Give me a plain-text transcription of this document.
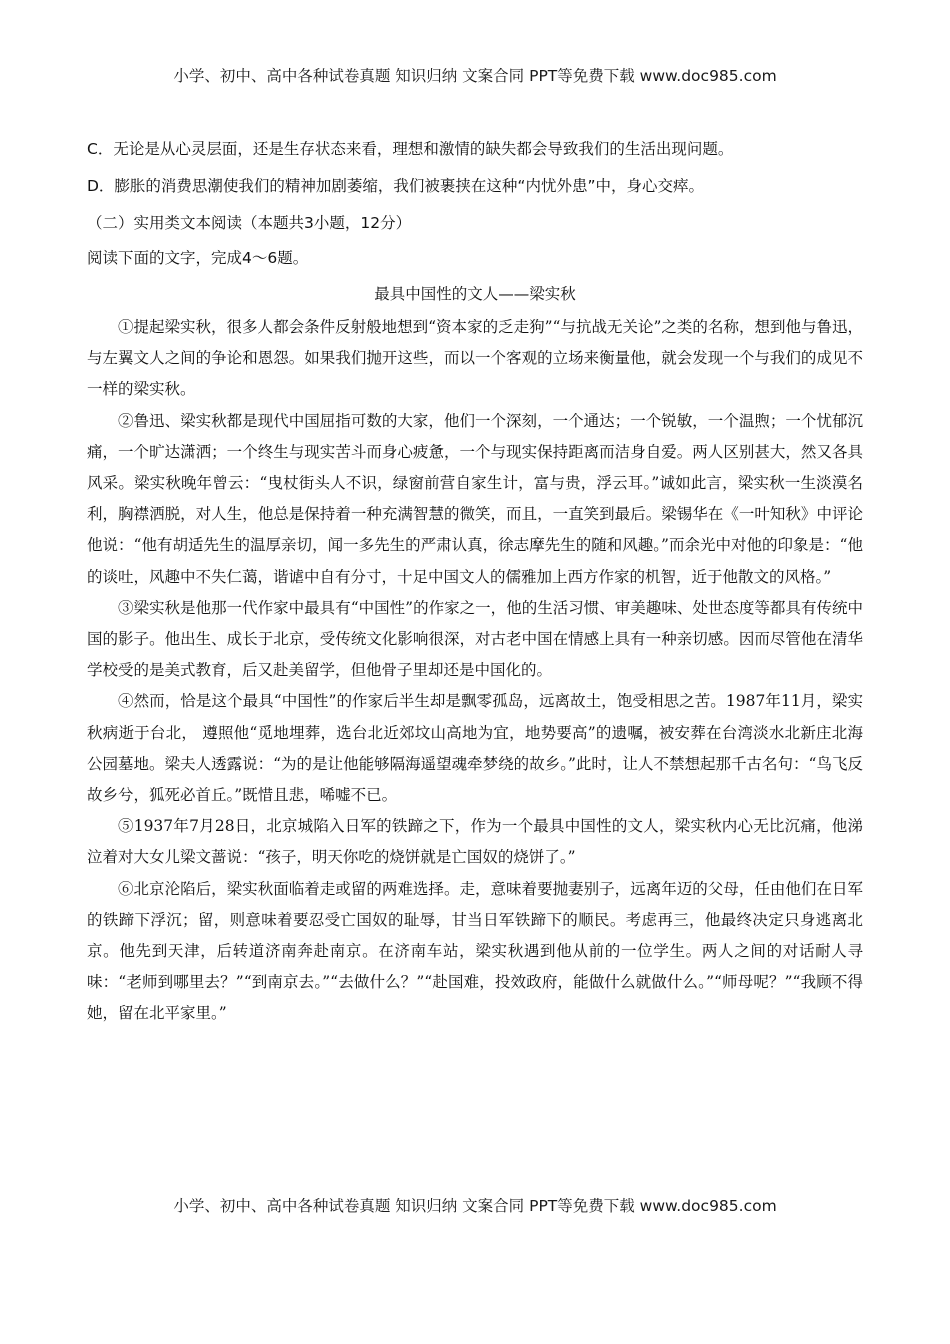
小学、初中、高中各种试卷真题 知识归纳 文案合同 PPT等免费下载 www.doc985.com
C．无论是从心灵层面，还是生存状态来看，理想和激情的缺失都会导致我们的生活出现问题。
D．膨胀的消费思潮使我们的精神加剧萎缩，我们被裹挟在这种“内忧外患”中，身心交瘁。
（二）实用类文本阅读（本题共3小题，12分）
阅读下面的文字，完成4～6题。
最具中国性的文人——梁实秋

①提起梁实秋，很多人都会条件反射般地想到“资本家的乏走狗”“与抗战无关论”之类的名称，想到他与鲁迅，与左翼文人之间的争论和恩怨。如果我们抛开这些，而以一个客观的立场来衡量他，就会发现一个与我们的成见不一样的梁实秋。

②鲁迅、梁实秋都是现代中国屈指可数的大家，他们一个深刻，一个通达；一个锐敏，一个温煦；一个忧郁沉痛，一个旷达潇洒；一个终生与现实苦斗而身心疲惫，一个与现实保持距离而洁身自爱。两人区别甚大，然又各具风采。梁实秋晚年曾云：“曳杖街头人不识，绿窗前营自家生计，富与贵，浮云耳。”诚如此言，梁实秋一生淡漠名利，胸襟洒脱，对人生，他总是保持着一种充满智慧的微笑，而且，一直笑到最后。梁锡华在《一叶知秋》中评论他说：“他有胡适先生的温厚亲切，闻一多先生的严肃认真，徐志摩先生的随和风趣。”而余光中对他的印象是：“他的谈吐，风趣中不失仁蔼，谐谑中自有分寸，十足中国文人的儒雅加上西方作家的机智，近于他散文的风格。”

③梁实秋是他那一代作家中最具有“中国性”的作家之一，他的生活习惯、审美趣味、处世态度等都具有传统中国的影子。他出生、成长于北京，受传统文化影响很深，对古老中国在情感上具有一种亲切感。因而尽管他在清华学校受的是美式教育，后又赴美留学，但他骨子里却还是中国化的。

④然而，恰是这个最具“中国性”的作家后半生却是飘零孤岛，远离故土，饱受相思之苦。1987年11月，梁实秋病逝于台北， 遵照他“觅地埋葬，选台北近郊坟山高地为宜，地势要高”的遗嘱，被安葬在台湾淡水北新庄北海公园墓地。梁夫人透露说：“为的是让他能够隔海遥望魂牵梦绕的故乡。”此时，让人不禁想起那千古名句：“鸟飞反故乡兮，狐死必首丘。”既惜且悲，唏嘘不已。

⑤1937年7月28日，北京城陷入日军的铁蹄之下，作为一个最具中国性的文人，梁实秋内心无比沉痛，他涕泣着对大女儿梁文蔷说：“孩子，明天你吃的烧饼就是亡国奴的烧饼了。”

⑥北京沦陷后，梁实秋面临着走或留的两难选择。走，意味着要抛妻别子，远离年迈的父母，任由他们在日军的铁蹄下浮沉；留，则意味着要忍受亡国奴的耻辱，甘当日军铁蹄下的顺民。考虑再三，他最终决定只身逃离北京。他先到天津，后转道济南奔赴南京。在济南车站，梁实秋遇到他从前的一位学生。两人之间的对话耐人寻味：“老师到哪里去？”“到南京去。”“去做什么？”“赴国难，投效政府，能做什么就做什么。”“师母呢？”“我顾不得她，留在北平家里。”

小学、初中、高中各种试卷真题 知识归纳 文案合同 PPT等免费下载 www.doc985.com
